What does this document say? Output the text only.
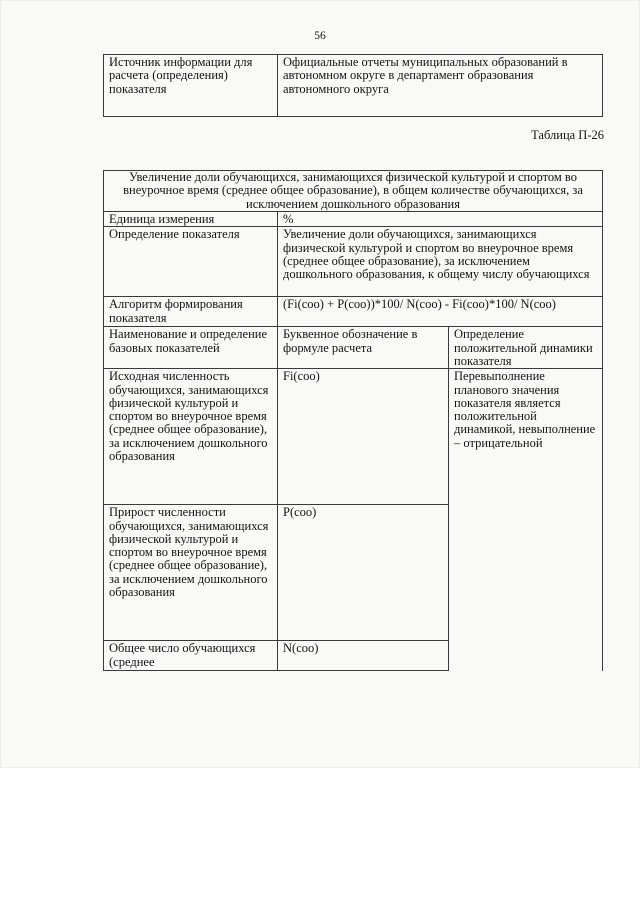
56
Источник информации для расчета (определения) показателя	Официальные отчеты муниципальных образований в автономном округе в департамент образования автономного округа
Таблица П-26
Увеличение доли обучающихся, занимающихся физической культурой и спортом во внеурочное время (среднее общее образование), в общем количестве обучающихся, за исключением дошкольного образования		
Единица измерения	%	
Определение показателя	Увеличение доли обучающихся, занимающихся физической культурой и спортом во внеурочное время (среднее общее образование), за исключением дошкольного образования, к общему числу обучающихся	
Алгоритм формирования показателя	(Fi(соо) + P(соо))*100/ N(соо) - Fi(соо)*100/ N(соо)	
Наименование и определение базовых показателей	Буквенное обозначение в формуле расчета	Определение положительной динамики показателя
Исходная численность обучающихся, занимающихся физической культурой и спортом во внеурочное время (среднее общее образование), за исключением дошкольного образования	Fi(соо)	Перевыполнение планового значения показателя является положительной динамикой, невыполнение – отрицательной
Прирост численности обучающихся, занимающихся физической культурой и спортом во внеурочное время (среднее общее образование), за исключением дошкольного образования	P(соо)	
Общее число обучающихся (среднее	N(соо)	
